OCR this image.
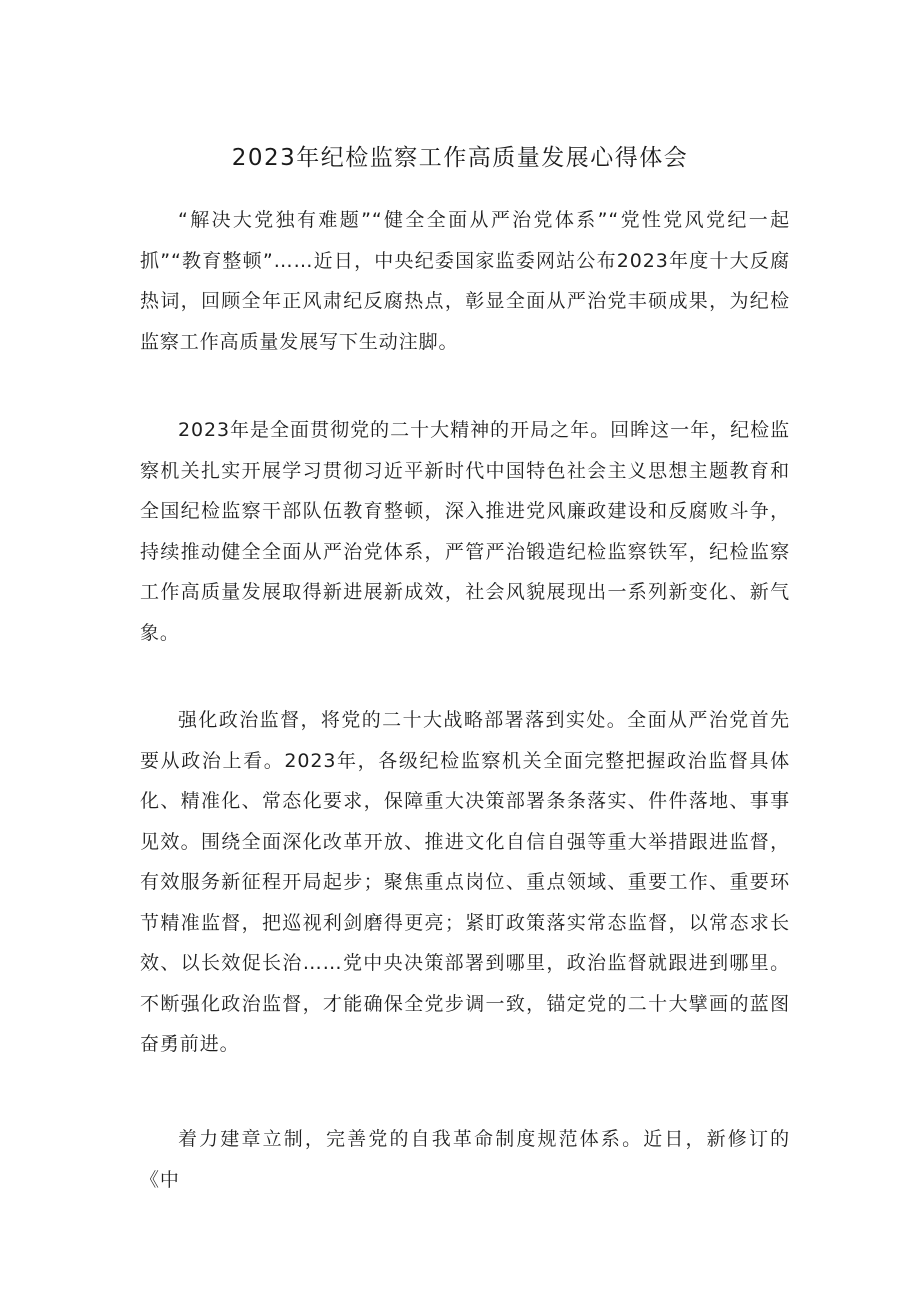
2023年纪检监察工作高质量发展心得体会

“解决大党独有难题”“健全全面从严治党体系”“党性党风党纪一起抓”“教育整顿”……近日，中央纪委国家监委网站公布2023年度十大反腐热词，回顾全年正风肃纪反腐热点，彰显全面从严治党丰硕成果，为纪检监察工作高质量发展写下生动注脚。

2023年是全面贯彻党的二十大精神的开局之年。回眸这一年，纪检监察机关扎实开展学习贯彻习近平新时代中国特色社会主义思想主题教育和全国纪检监察干部队伍教育整顿，深入推进党风廉政建设和反腐败斗争，持续推动健全全面从严治党体系，严管严治锻造纪检监察铁军，纪检监察工作高质量发展取得新进展新成效，社会风貌展现出一系列新变化、新气象。

强化政治监督，将党的二十大战略部署落到实处。全面从严治党首先要从政治上看。2023年，各级纪检监察机关全面完整把握政治监督具体化、精准化、常态化要求，保障重大决策部署条条落实、件件落地、事事见效。围绕全面深化改革开放、推进文化自信自强等重大举措跟进监督，有效服务新征程开局起步；聚焦重点岗位、重点领域、重要工作、重要环节精准监督，把巡视利剑磨得更亮；紧盯政策落实常态监督，以常态求长效、以长效促长治……党中央决策部署到哪里，政治监督就跟进到哪里。不断强化政治监督，才能确保全党步调一致，锚定党的二十大擘画的蓝图奋勇前进。

着力建章立制，完善党的自我革命制度规范体系。近日，新修订的《中
